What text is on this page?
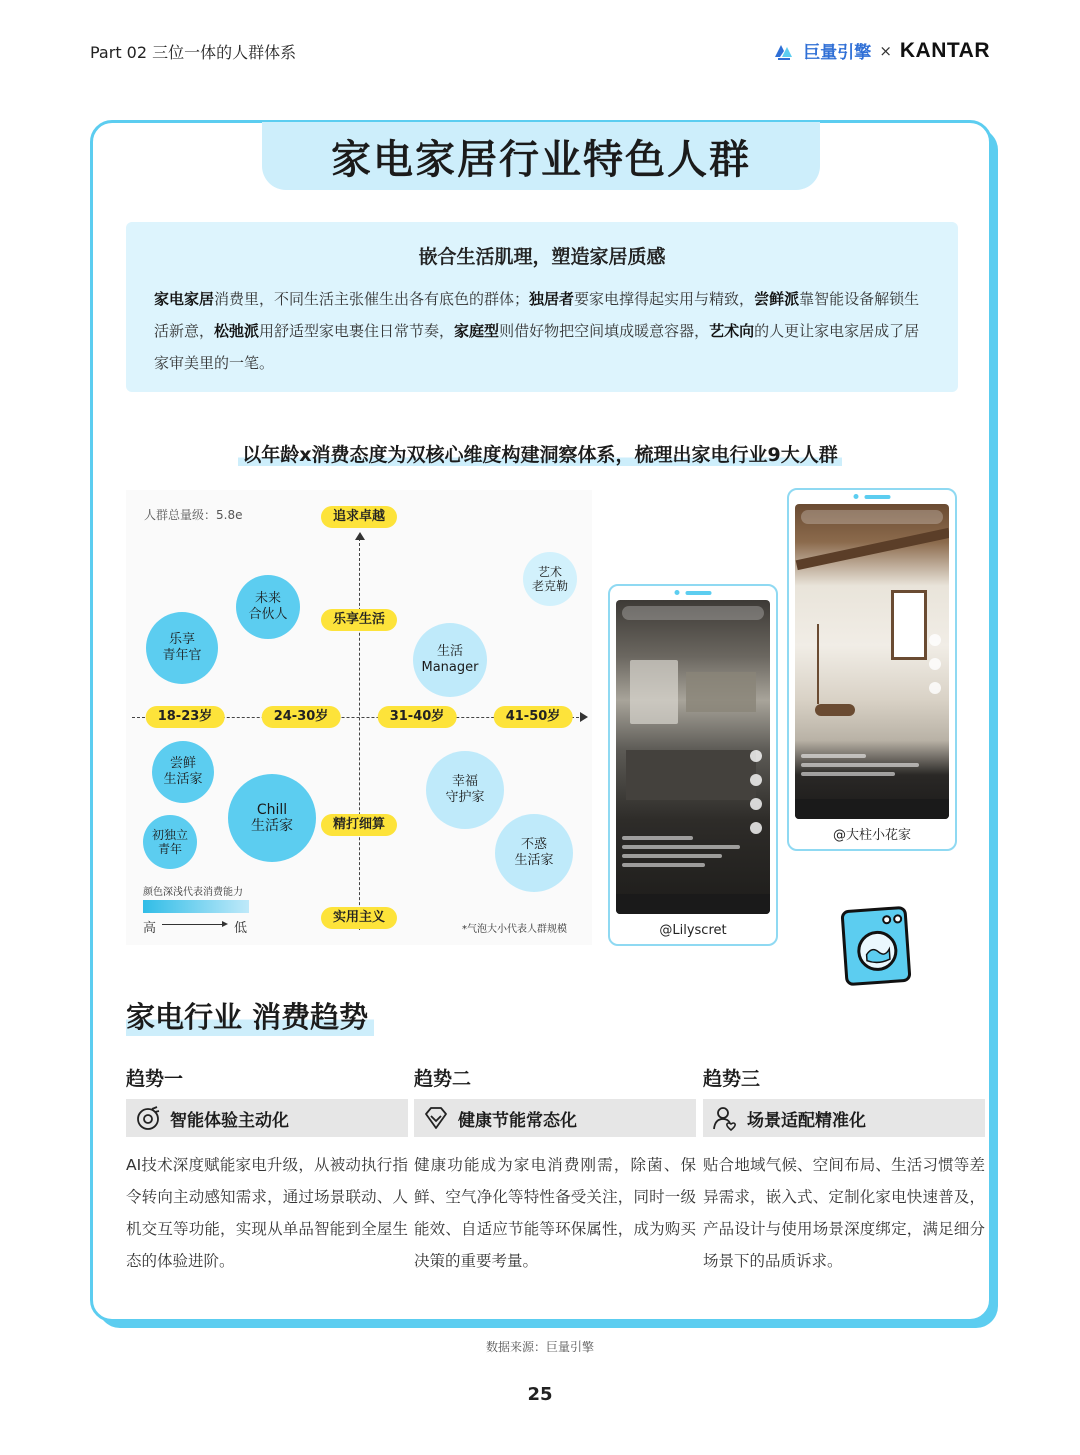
Part 02 三位一体的人群体系	巨量引擎 × KANTAR
家电家居行业特色人群
嵌合生活肌理，塑造家居质感

家电家居消费里，不同生活主张催生出各有底色的群体；独居者要家电撑得起实用与精致，尝鲜派靠智能设备解锁生活新意，松弛派用舒适型家电裹住日常节奏，家庭型则借好物把空间填成暖意容器，艺术向的人更让家电家居成了居家审美里的一笔。

以年龄x消费态度为双核心维度构建洞察体系，梳理出家电行业9大人群
人群总量级：5.8e	追求卓越
乐享生活
精打细算
实用主义
18-23岁	24-30岁	31-40岁	41-50岁
未来
合伙人
乐享
青年官
艺术
老克勒
生活
Manager
尝鲜
生活家
Chill
生活家
初独立
青年
幸福
守护家
不惑
生活家
颜色深浅代表消费能力
高	低	*气泡大小代表人群规模	@Lilyscret
@大柱小花家
家电行业 消费趋势
趋势一
智能体验主动化
AI技术深度赋能家电升级，从被动执行指令转向主动感知需求，通过场景联动、人机交互等功能，实现从单品智能到全屋生态的体验进阶。
趋势二
健康节能常态化
健康功能成为家电消费刚需，除菌、保鲜、空气净化等特性备受关注，同时一级能效、自适应节能等环保属性，成为购买决策的重要考量。
趋势三
场景适配精准化
贴合地域气候、空间布局、生活习惯等差异需求，嵌入式、定制化家电快速普及，产品设计与使用场景深度绑定，满足细分场景下的品质诉求。
数据来源：巨量引擎
25
